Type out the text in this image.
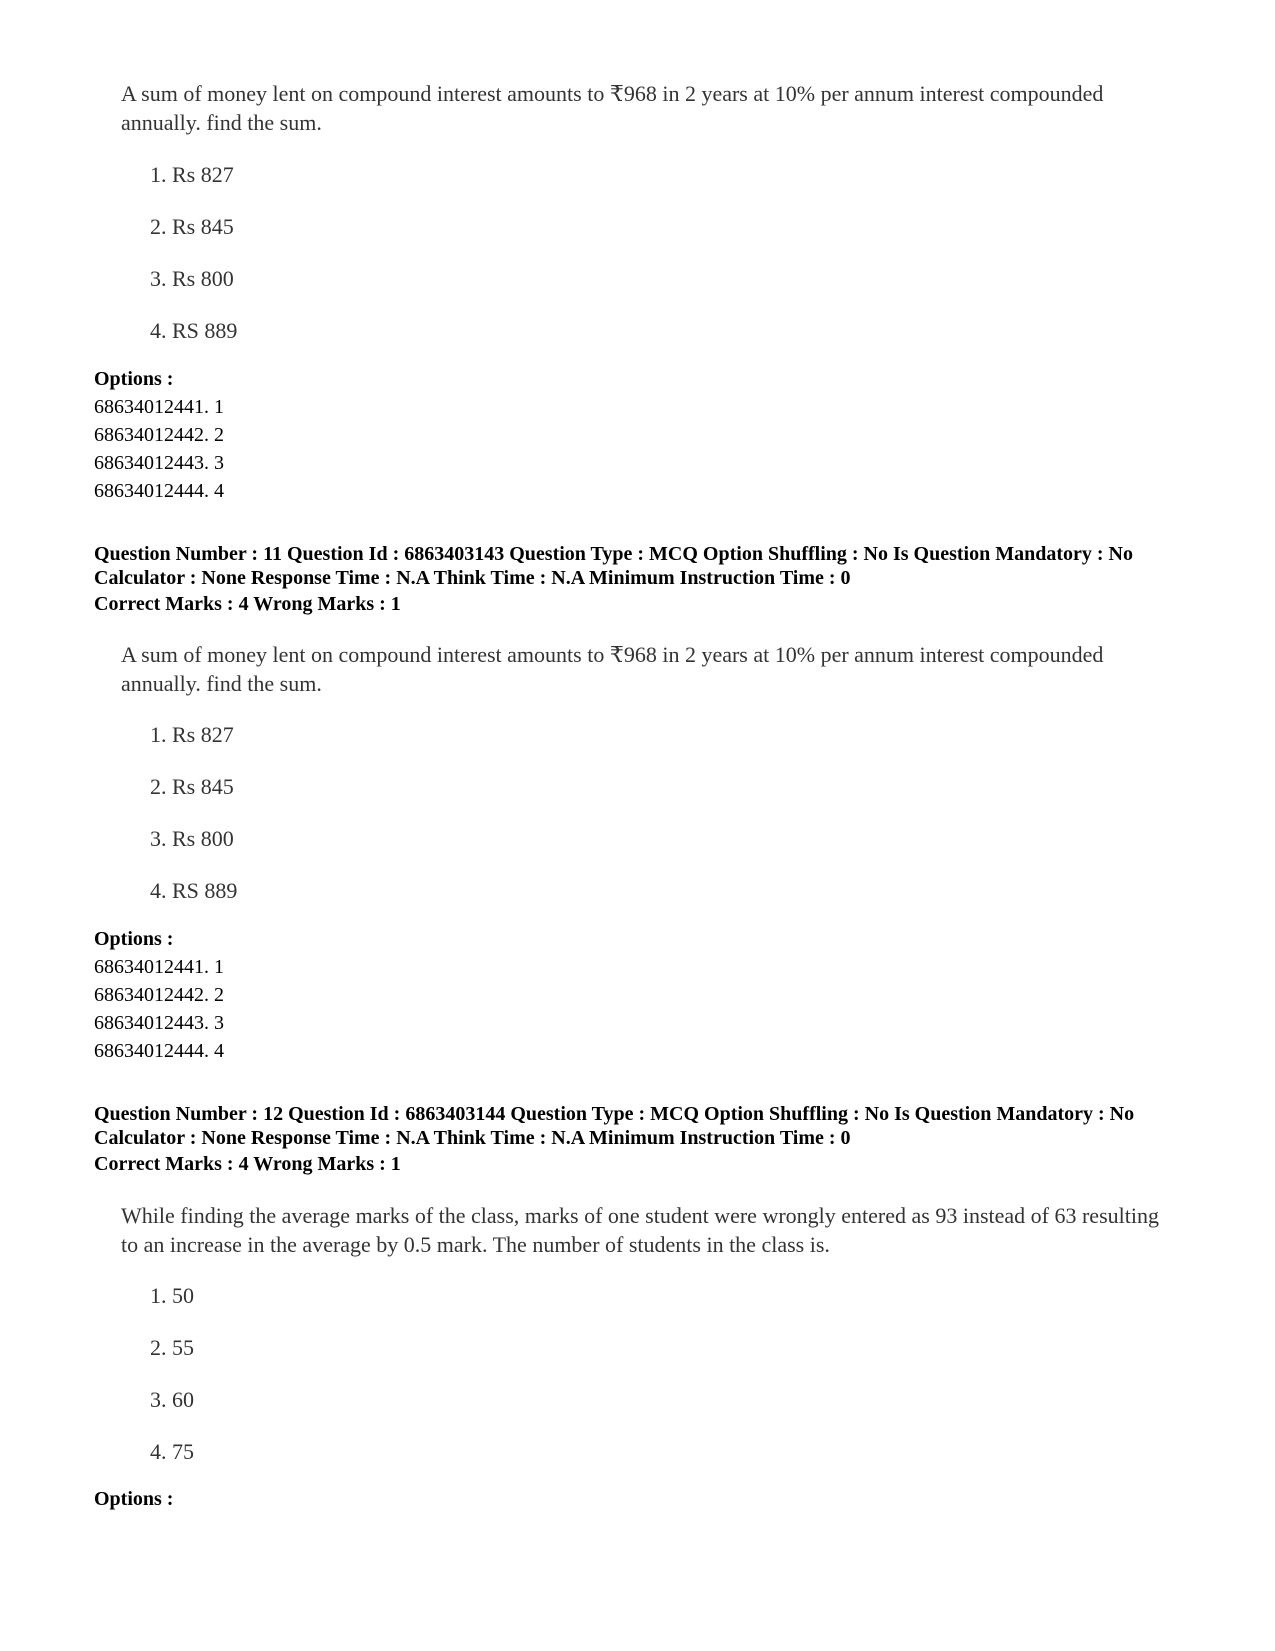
A sum of money lent on compound interest amounts to ₹968 in 2 years at 10% per annum interest compounded annually. find the sum.

1. Rs 827

2. Rs 845

3. Rs 800

4. RS 889

Options :

68634012441. 1

68634012442. 2

68634012443. 3

68634012444. 4

Question Number : 11 Question Id : 6863403143 Question Type : MCQ Option Shuffling : No Is Question Mandatory : No Calculator : None Response Time : N.A Think Time : N.A Minimum Instruction Time : 0

Correct Marks : 4 Wrong Marks : 1

A sum of money lent on compound interest amounts to ₹968 in 2 years at 10% per annum interest compounded annually. find the sum.

1. Rs 827

2. Rs 845

3. Rs 800

4. RS 889

Options :

68634012441. 1

68634012442. 2

68634012443. 3

68634012444. 4

Question Number : 12 Question Id : 6863403144 Question Type : MCQ Option Shuffling : No Is Question Mandatory : No Calculator : None Response Time : N.A Think Time : N.A Minimum Instruction Time : 0

Correct Marks : 4 Wrong Marks : 1

While finding the average marks of the class, marks of one student were wrongly entered as 93 instead of 63 resulting to an increase in the average by 0.5 mark. The number of students in the class is.

1. 50

2. 55

3. 60

4. 75

Options :
